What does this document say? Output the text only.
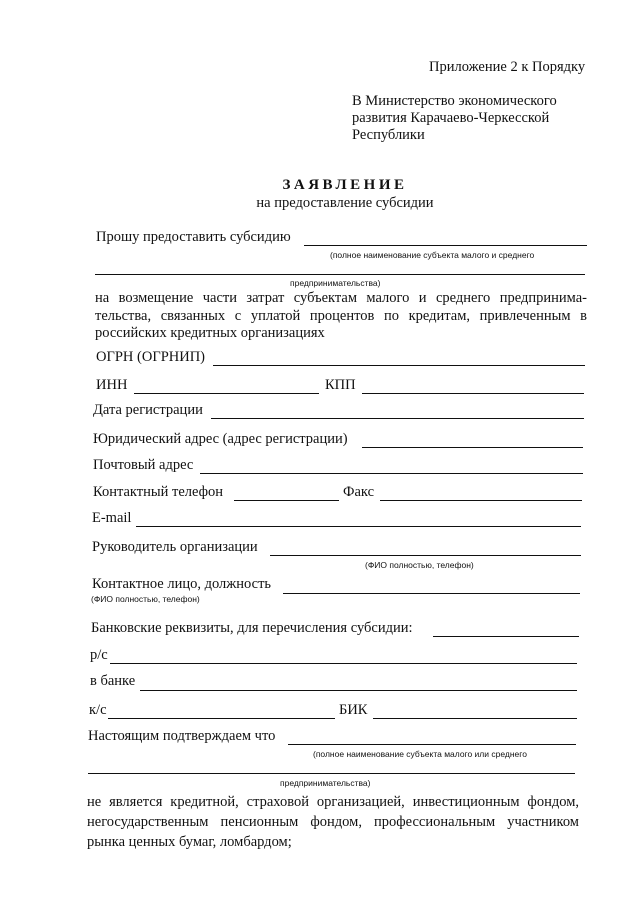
Приложение 2 к Порядку
В Министерство экономического
развития Карачаево-Черкесской
Республики
ЗАЯВЛЕНИЕ
на предоставление субсидии
Прошу предоставить субсидию
(полное наименование субъекта малого и среднего
предпринимательства)
на возмещение части затрат субъектам малого и среднего предпринима-
тельства, связанных с уплатой процентов по кредитам, привлеченным в
российских кредитных организациях
ОГРН (ОГРНИП)
ИНН	КПП
Дата регистрации
Юридический адрес (адрес регистрации)
Почтовый адрес
Контактный телефон	Факс
E-mail
Руководитель организации
(ФИО полностью, телефон)
Контактное лицо, должность
(ФИО полностью, телефон)
Банковские реквизиты, для перечисления субсидии:
р/с
в банке
к/с	БИК
Настоящим подтверждаем что
(полное наименование субъекта малого или среднего
предпринимательства)
не является кредитной, страховой организацией, инвестиционным фондом,
негосударственным пенсионным фондом, профессиональным участником
рынка ценных бумаг, ломбардом;
